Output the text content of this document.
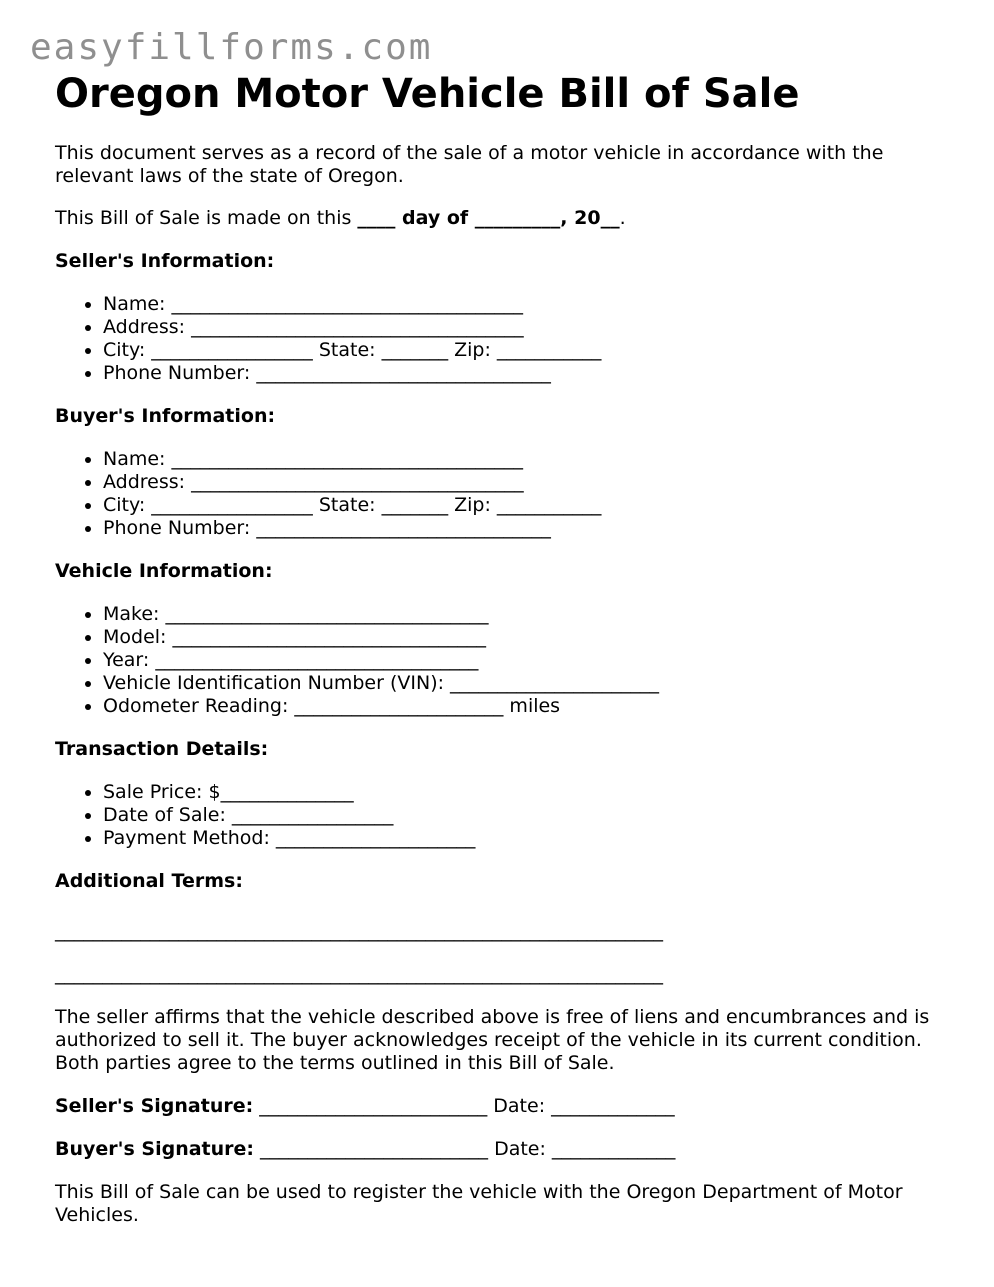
easyfillforms.com
Oregon Motor Vehicle Bill of Sale

This document serves as a record of the sale of a motor vehicle in accordance with the relevant laws of the state of Oregon.

This Bill of Sale is made on this ____ day of _________, 20__.

Seller's Information:

• Name: _____________________________________
• Address: ___________________________________
• City: _________________ State: _______ Zip: ___________
• Phone Number: _______________________________

Buyer's Information:

• Name: _____________________________________
• Address: ___________________________________
• City: _________________ State: _______ Zip: ___________
• Phone Number: _______________________________

Vehicle Information:

• Make: __________________________________
• Model: _________________________________
• Year: __________________________________
• Vehicle Identification Number (VIN): ______________________
• Odometer Reading: ______________________ miles

Transaction Details:

• Sale Price: $______________
• Date of Sale: _________________
• Payment Method: _____________________

Additional Terms:

________________________________________________________________

________________________________________________________________

The seller affirms that the vehicle described above is free of liens and encumbrances and is authorized to sell it. The buyer acknowledges receipt of the vehicle in its current condition. Both parties agree to the terms outlined in this Bill of Sale.

Seller's Signature: ________________________ Date: _____________

Buyer's Signature: ________________________ Date: _____________

This Bill of Sale can be used to register the vehicle with the Oregon Department of Motor Vehicles.
